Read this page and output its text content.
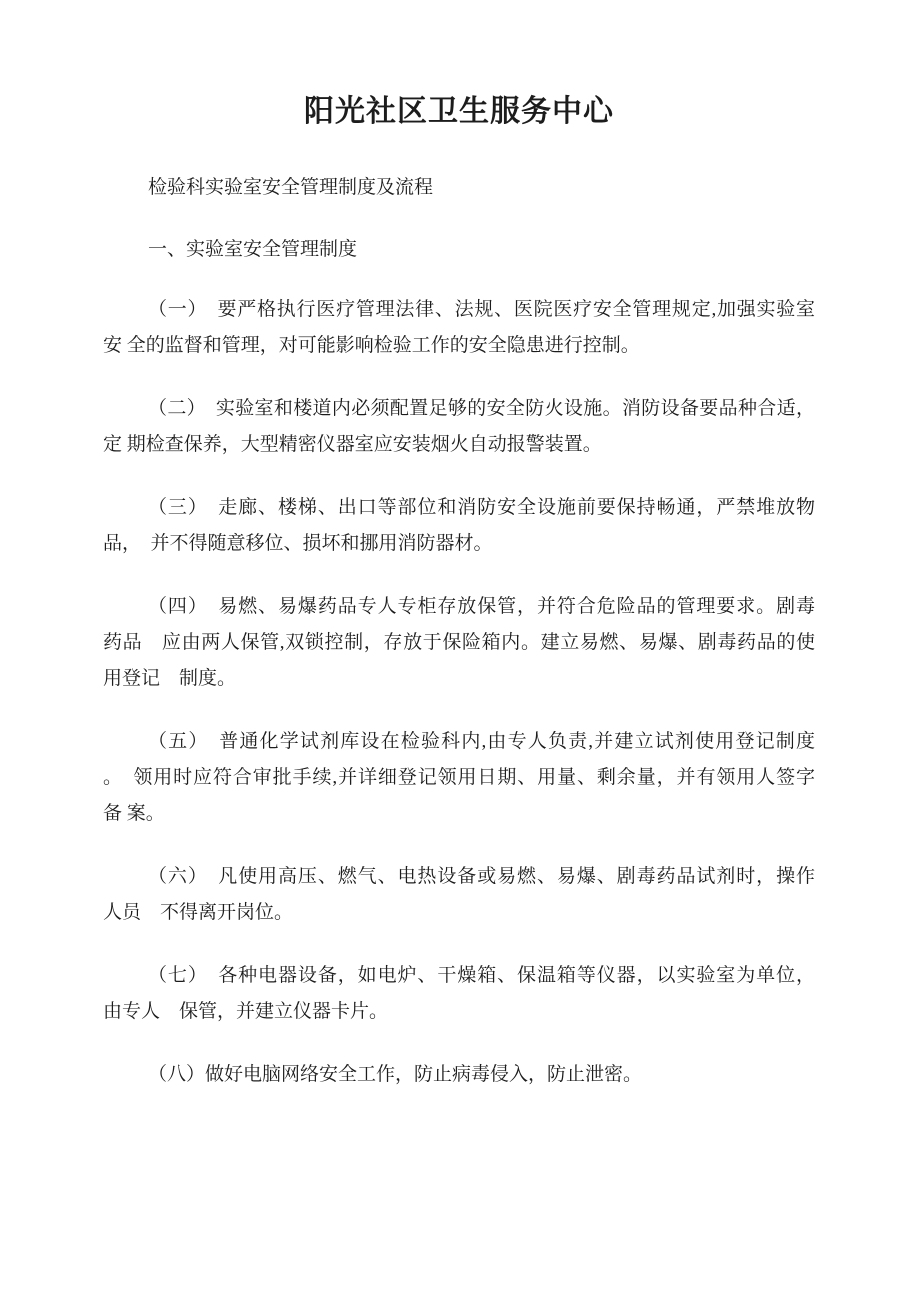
阳光社区卫生服务中心
检验科实验室安全管理制度及流程
一、实验室安全管理制度
（一）　要严格执行医疗管理法律、法规、医院医疗安全管理规定,加强实验室
安 全的监督和管理，对可能影响检验工作的安全隐患进行控制。
（二）　实验室和楼道内必须配置足够的安全防火设施。消防设备要品种合适，
定 期检查保养，大型精密仪器室应安装烟火自动报警装置。
（三）　走廊、楼梯、出口等部位和消防安全设施前要保持畅通，严禁堆放物
品，　并不得随意移位、损坏和挪用消防器材。
（四）　易燃、易爆药品专人专柜存放保管，并符合危险品的管理要求。剧毒
药品　应由两人保管,双锁控制，存放于保险箱内。建立易燃、易爆、剧毒药品的使
用登记　制度。
（五）　普通化学试剂库设在检验科内,由专人负责,并建立试剂使用登记制度
。　领用时应符合审批手续,并详细登记领用日期、用量、剩余量，并有领用人签字
备 案。
（六）　凡使用高压、燃气、电热设备或易燃、易爆、剧毒药品试剂时，操作
人员　不得离开岗位。
（七）　各种电器设备，如电炉、干燥箱、保温箱等仪器，以实验室为单位，
由专人　保管，并建立仪器卡片。
（八）做好电脑网络安全工作，防止病毒侵入，防止泄密。
